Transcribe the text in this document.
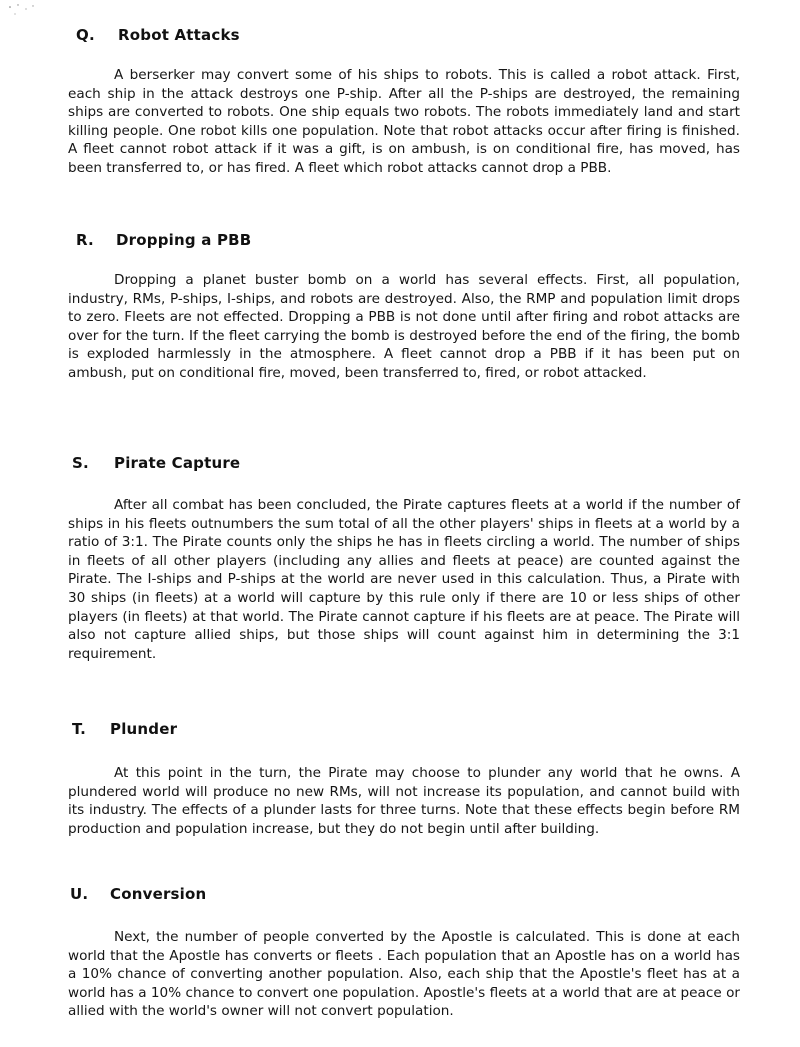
Q. Robot Attacks

A berserker may convert some of his ships to robots. This is called a robot attack. First, each ship in the attack destroys one P-ship. After all the P-ships are destroyed, the remaining ships are converted to robots. One ship equals two robots. The robots immediately land and start killing people. One robot kills one population. Note that robot attacks occur after firing is finished. A fleet cannot robot attack if it was a gift, is on ambush, is on conditional fire, has moved, has been transferred to, or has fired. A fleet which robot attacks cannot drop a PBB.

R. Dropping a PBB

Dropping a planet buster bomb on a world has several effects. First, all population, industry, RMs, P-ships, I-ships, and robots are destroyed. Also, the RMP and population limit drops to zero. Fleets are not effected. Dropping a PBB is not done until after firing and robot attacks are over for the turn. If the fleet carrying the bomb is destroyed before the end of the firing, the bomb is exploded harmlessly in the atmosphere. A fleet cannot drop a PBB if it has been put on ambush, put on conditional fire, moved, been transferred to, fired, or robot attacked.

S. Pirate Capture

After all combat has been concluded, the Pirate captures fleets at a world if the number of ships in his fleets outnumbers the sum total of all the other players' ships in fleets at a world by a ratio of 3:1. The Pirate counts only the ships he has in fleets circling a world. The number of ships in fleets of all other players (including any allies and fleets at peace) are counted against the Pirate. The I-ships and P-ships at the world are never used in this calculation. Thus, a Pirate with 30 ships (in fleets) at a world will capture by this rule only if there are 10 or less ships of other players (in fleets) at that world. The Pirate cannot capture if his fleets are at peace. The Pirate will also not capture allied ships, but those ships will count against him in determining the 3:1 requirement.

T. Plunder

At this point in the turn, the Pirate may choose to plunder any world that he owns. A plundered world will produce no new RMs, will not increase its population, and cannot build with its industry. The effects of a plunder lasts for three turns. Note that these effects begin before RM production and population increase, but they do not begin until after building.

U. Conversion

Next, the number of people converted by the Apostle is calculated. This is done at each world that the Apostle has converts or fleets . Each population that an Apostle has on a world has a 10% chance of converting another population. Also, each ship that the Apostle's fleet has at a world has a 10% chance to convert one population. Apostle's fleets at a world that are at peace or allied with the world's owner will not convert population.
